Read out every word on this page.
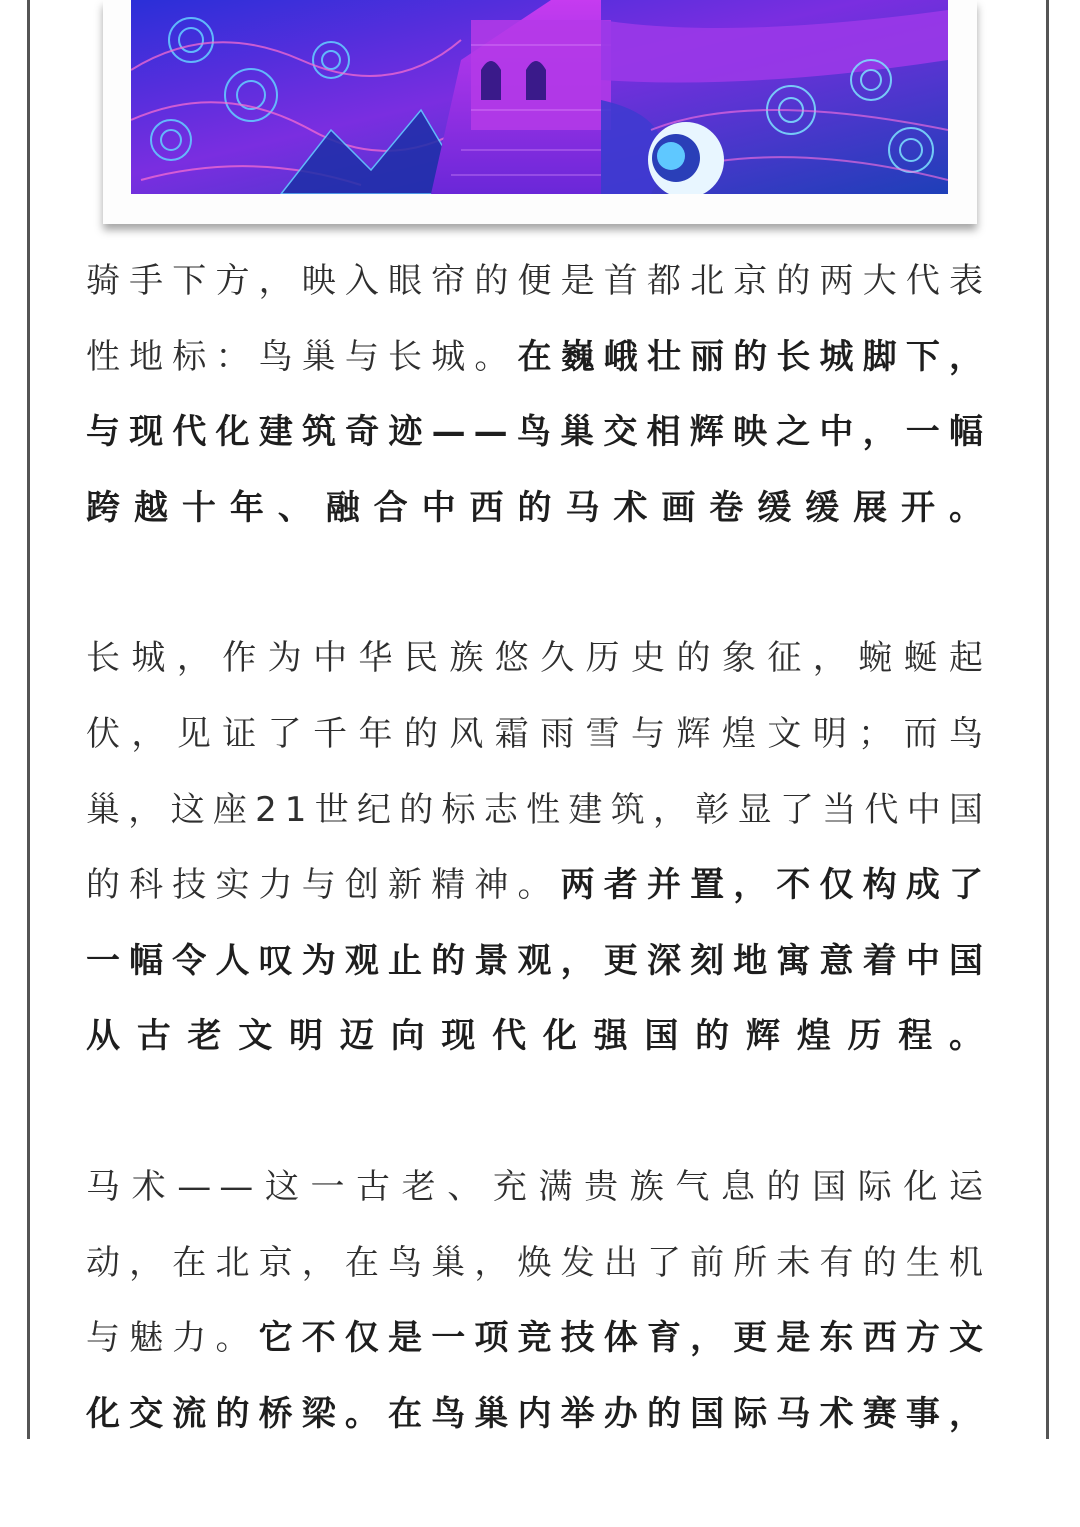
骑手下方，映入眼帘的便是首都北京的两大代表性地标：鸟巢与长城。在巍峨壮丽的长城脚下，与现代化建筑奇迹——鸟巢交相辉映之中，一幅跨越十年、融合中西的马术画卷缓缓展开。

长城，作为中华民族悠久历史的象征，蜿蜒起伏，见证了千年的风霜雨雪与辉煌文明；而鸟巢，这座21世纪的标志性建筑，彰显了当代中国的科技实力与创新精神。两者并置，不仅构成了一幅令人叹为观止的景观，更深刻地寓意着中国从古老文明迈向现代化强国的辉煌历程。

马术——这一古老、充满贵族气息的国际化运动，在北京，在鸟巢，焕发出了前所未有的生机与魅力。它不仅是一项竞技体育，更是东西方文化交流的桥梁。在鸟巢内举办的国际马术赛事，
